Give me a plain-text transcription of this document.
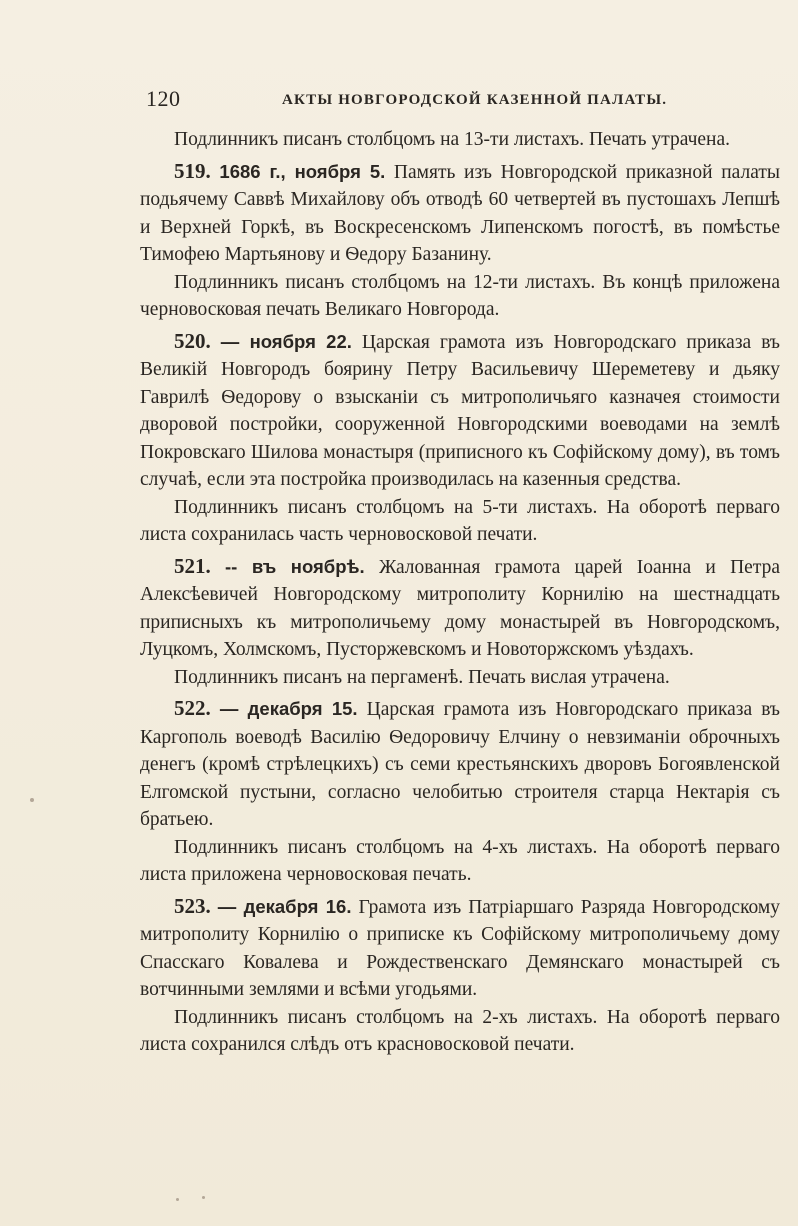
120	АКТЫ НОВГОРОДСКОЙ КАЗЕННОЙ ПАЛАТЫ.

Подлинникъ писанъ столбцомъ на 13-ти листахъ. Печать утрачена.

519. 1686 г., ноября 5. Память изъ Новгородской приказной палаты подьячему Саввѣ Михайлову объ отводѣ 60 четвертей въ пустошахъ Лепшѣ и Верхней Горкѣ, въ Воскресенскомъ Липенскомъ погостѣ, въ помѣстье Тимофею Мартьянову и Ѳедору Базанину.

Подлинникъ писанъ столбцомъ на 12-ти листахъ. Въ концѣ приложена черновосковая печать Великаго Новгорода.

520. — ноября 22. Царская грамота изъ Новгородскаго приказа въ Великій Новгородъ боярину Петру Васильевичу Шереметеву и дьяку Гаврилѣ Ѳедорову о взысканіи съ митрополичьяго казначея стоимости дворовой постройки, сооруженной Новгородскими воеводами на землѣ Покровскаго Шилова монастыря (приписного къ Софійскому дому), въ томъ случаѣ, если эта постройка производилась на казенныя средства.

Подлинникъ писанъ столбцомъ на 5-ти листахъ. На оборотѣ перваго листа сохранилась часть черновосковой печати.

521. -- въ ноябрѣ. Жалованная грамота царей Іоанна и Петра Алексѣевичей Новгородскому митрополиту Корнилію на шестнадцать приписныхъ къ митрополичьему дому монастырей въ Новгородскомъ, Луцкомъ, Холмскомъ, Пусторжевскомъ и Новоторжскомъ уѣздахъ.

Подлинникъ писанъ на пергаменѣ. Печать вислая утрачена.

522. — декабря 15. Царская грамота изъ Новгородскаго приказа въ Каргополь воеводѣ Василію Ѳедоровичу Елчину о невзиманіи оброчныхъ денегъ (кромѣ стрѣлецкихъ) съ семи крестьянскихъ дворовъ Богоявленской Елгомской пустыни, согласно челобитью строителя старца Нектарія съ братьею.

Подлинникъ писанъ столбцомъ на 4-хъ листахъ. На оборотѣ перваго листа приложена черновосковая печать.

523. — декабря 16. Грамота изъ Патріаршаго Разряда Новгородскому митрополиту Корнилію о приписке къ Софійскому митрополичьему дому Спасскаго Ковалева и Рождественскаго Демянскаго монастырей съ вотчинными землями и всѣми угодьями.

Подлинникъ писанъ столбцомъ на 2-хъ листахъ. На оборотѣ перваго листа сохранился слѣдъ отъ красновосковой печати.
